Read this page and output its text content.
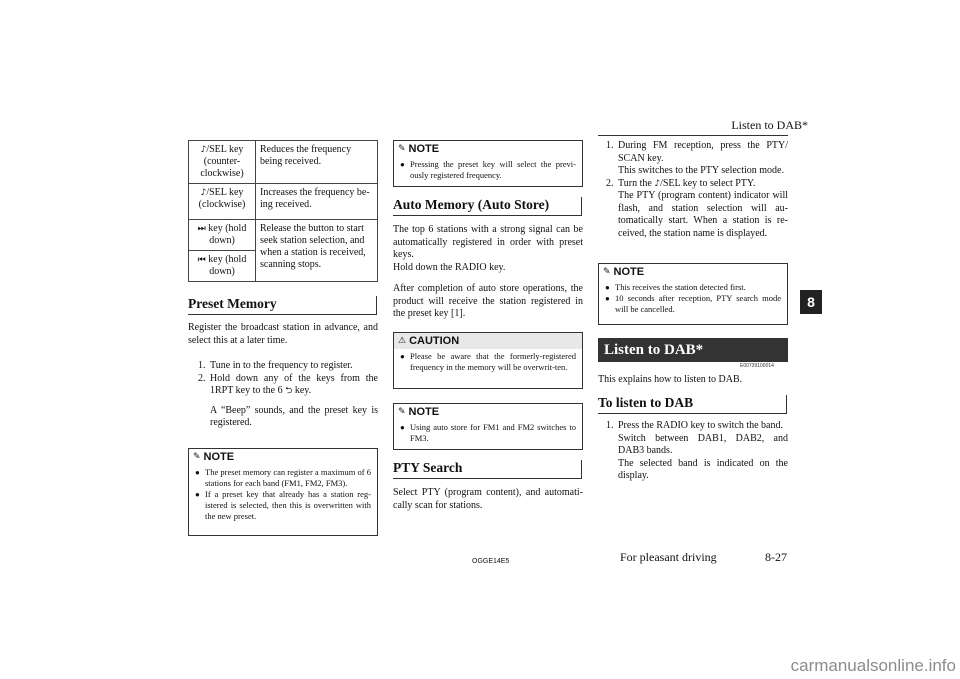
Listen to DAB*
8
♪/SEL key (counter-clockwise)	Reduces the frequency being received.
♪/SEL key (clockwise)	Increases the frequency be-ing received.
⏭ key (hold down)	Release the button to start seek station selection, and when a station is received, scanning stops.
⏮ key (hold down)	
Preset Memory
Register the broadcast station in advance, and select this at a later time.
1. Tune in to the frequency to register.
2. Hold down any of the keys from the 1RPT key to the 6 ⮌ key.
A “Beep” sounds, and the preset key is registered.
✎ NOTE
● The preset memory can register a maximum of 6 stations for each band (FM1, FM2, FM3).
● If a preset key that already has a station reg-istered is selected, then this is overwritten with the new preset.
✎ NOTE
● Pressing the preset key will select the previ-ously registered frequency.
Auto Memory (Auto Store)

The top 6 stations with a strong signal can be automatically registered in order with preset keys.

Hold down the RADIO key.

After completion of auto store operations, the product will receive the station registered in the preset key [1].

⚠ CAUTION
● Please be aware that the formerly-registered frequency in the memory will be overwrit-ten.
✎ NOTE
● Using auto store for FM1 and FM2 switches to FM3.
PTY Search
Select PTY (program content), and automati-cally scan for stations.
1. During FM reception, press the PTY/ SCAN key.
This switches to the PTY selection mode.
2. Turn the ♪/SEL key to select PTY.
The PTY (program content) indicator will flash, and station selection will au-tomatically start. When a station is re-ceived, the station name is displayed.
✎ NOTE
● This receives the station detected first.
● 10 seconds after reception, PTY search mode will be cancelled.
Listen to DAB*
E00739100014
This explains how to listen to DAB.
To listen to DAB
1. Press the RADIO key to switch the band.
Switch between DAB1, DAB2, and DAB3 bands.
The selected band is indicated on the display.
OGGE14E5	For pleasant driving	8-27
carmanualsonline.info
